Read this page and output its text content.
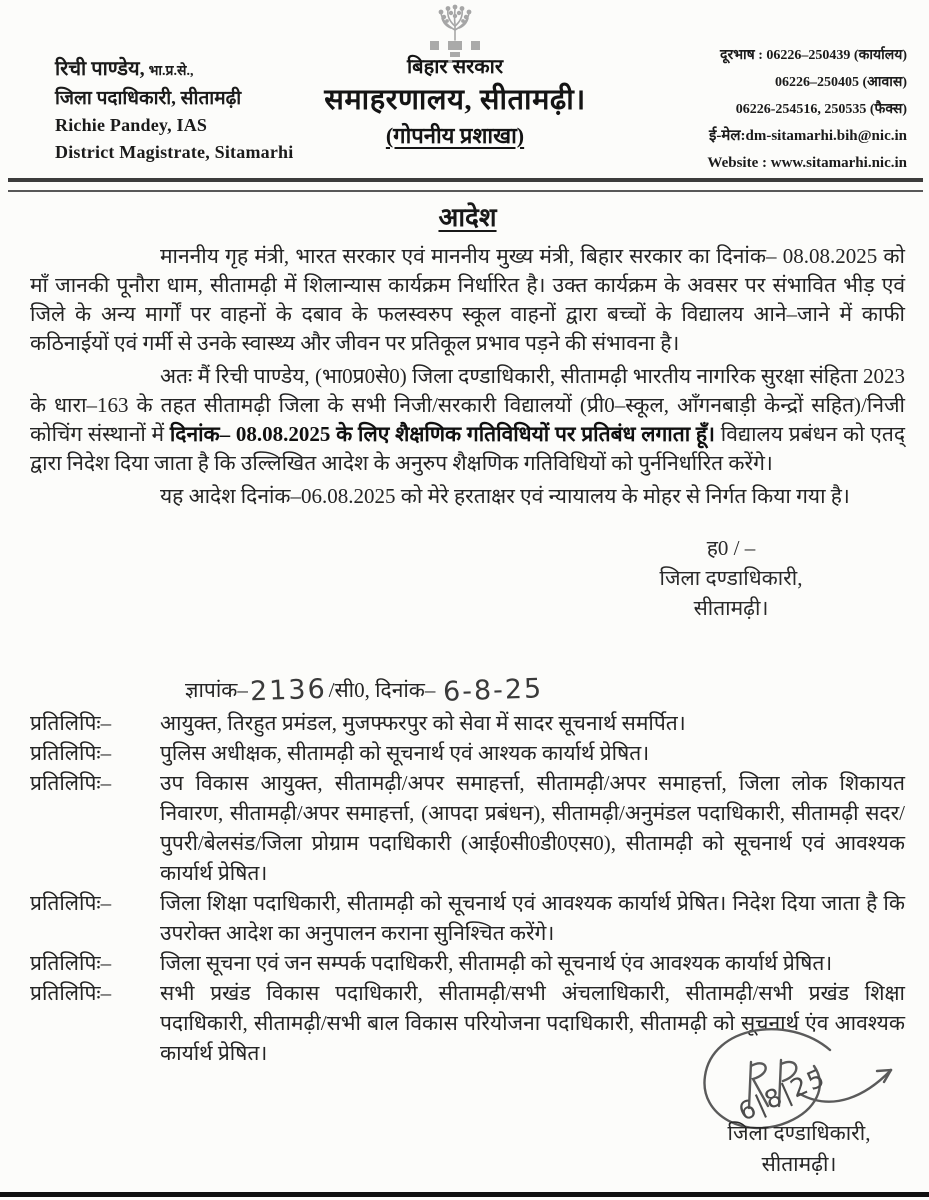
रिची पाण्डेय, भा.प्र.से.,
जिला पदाधिकारी, सीतामढ़ी
Richie Pandey, IAS
District Magistrate, Sitamarhi
बिहार सरकार
समाहरणालय, सीतामढ़ी।
(गोपनीय प्रशाखा)
दूरभाष : 06226–250439 (कार्यालय)
06226–250405 (आवास)
06226-254516, 250535 (फैक्स)
ई-मेल:dm-sitamarhi.bih@nic.in
Website : www.sitamarhi.nic.in
आदेश

माननीय गृह मंत्री, भारत सरकार एवं माननीय मुख्य मंत्री, बिहार सरकार का दिनांक– 08.08.2025 को माँ जानकी पूनौरा धाम, सीतामढ़ी में शिलान्यास कार्यक्रम निर्धारित है। उक्त कार्यक्रम के अवसर पर संभावित भीड़ एवं जिले के अन्य मार्गों पर वाहनों के दबाव के फलस्वरुप स्कूल वाहनों द्वारा बच्चों के विद्यालय आने–जाने में काफी कठिनाईयों एवं गर्मी से उनके स्वास्थ्य और जीवन पर प्रतिकूल प्रभाव पड़ने की संभावना है।

अतः मैं रिची पाण्डेय, (भा0प्र0से0) जिला दण्डाधिकारी, सीतामढ़ी भारतीय नागरिक सुरक्षा संहिता 2023 के धारा–163 के तहत सीतामढ़ी जिला के सभी निजी/सरकारी विद्यालयों (प्री0–स्कूल, आँगनबाड़ी केन्द्रों सहित)/निजी कोचिंग संस्थानों में दिनांक– 08.08.2025 के लिए शैक्षणिक गतिविधियों पर प्रतिबंध लगाता हूँ। विद्यालय प्रबंधन को एतद् द्वारा निदेश दिया जाता है कि उल्लिखित आदेश के अनुरुप शैक्षणिक गतिविधियों को पुर्ननिर्धारित करेंगे।

यह आदेश दिनांक–06.08.2025 को मेरे हरताक्षर एवं न्यायालय के मोहर से निर्गत किया गया है।

ह0 / –
जिला दण्डाधिकारी,
सीतामढ़ी।
ज्ञापांक–2136/सी0, दिनांक– 6-8-25
प्रतिलिपिः–	आयुक्त, तिरहुत प्रमंडल, मुजफ्फरपुर को सेवा में सादर सूचनार्थ समर्पित।
प्रतिलिपिः–	पुलिस अधीक्षक, सीतामढ़ी को सूचनार्थ एवं आश्यक कार्यार्थ प्रेषित।
प्रतिलिपिः–	उप विकास आयुक्त, सीतामढ़ी/अपर समाहर्त्ता, सीतामढ़ी/अपर समाहर्त्ता, जिला लोक शिकायत निवारण, सीतामढ़ी/अपर समाहर्त्ता, (आपदा प्रबंधन), सीतामढ़ी/अनुमंडल पदाधिकारी, सीतामढ़ी सदर/पुपरी/बेलसंड/जिला प्रोग्राम पदाधिकारी (आई0सी0डी0एस0), सीतामढ़ी को सूचनार्थ एवं आवश्यक कार्यार्थ प्रेषित।
प्रतिलिपिः–	जिला शिक्षा पदाधिकारी, सीतामढ़ी को सूचनार्थ एवं आवश्यक कार्यार्थ प्रेषित। निदेश दिया जाता है कि उपरोक्त आदेश का अनुपालन कराना सुनिश्चित करेंगे।
प्रतिलिपिः–	जिला सूचना एवं जन सम्पर्क पदाधिकरी, सीतामढ़ी को सूचनार्थ एंव आवश्यक कार्यार्थ प्रेषित।
प्रतिलिपिः–	सभी प्रखंड विकास पदाधिकारी, सीतामढ़ी/सभी अंचलाधिकारी, सीतामढ़ी/सभी प्रखंड शिक्षा पदाधिकारी, सीतामढ़ी/सभी बाल विकास परियोजना पदाधिकारी, सीतामढ़ी को सूचनार्थ एंव आवश्यक कार्यार्थ प्रेषित।
6|8|25
जिला दण्डाधिकारी,
सीतामढ़ी।
